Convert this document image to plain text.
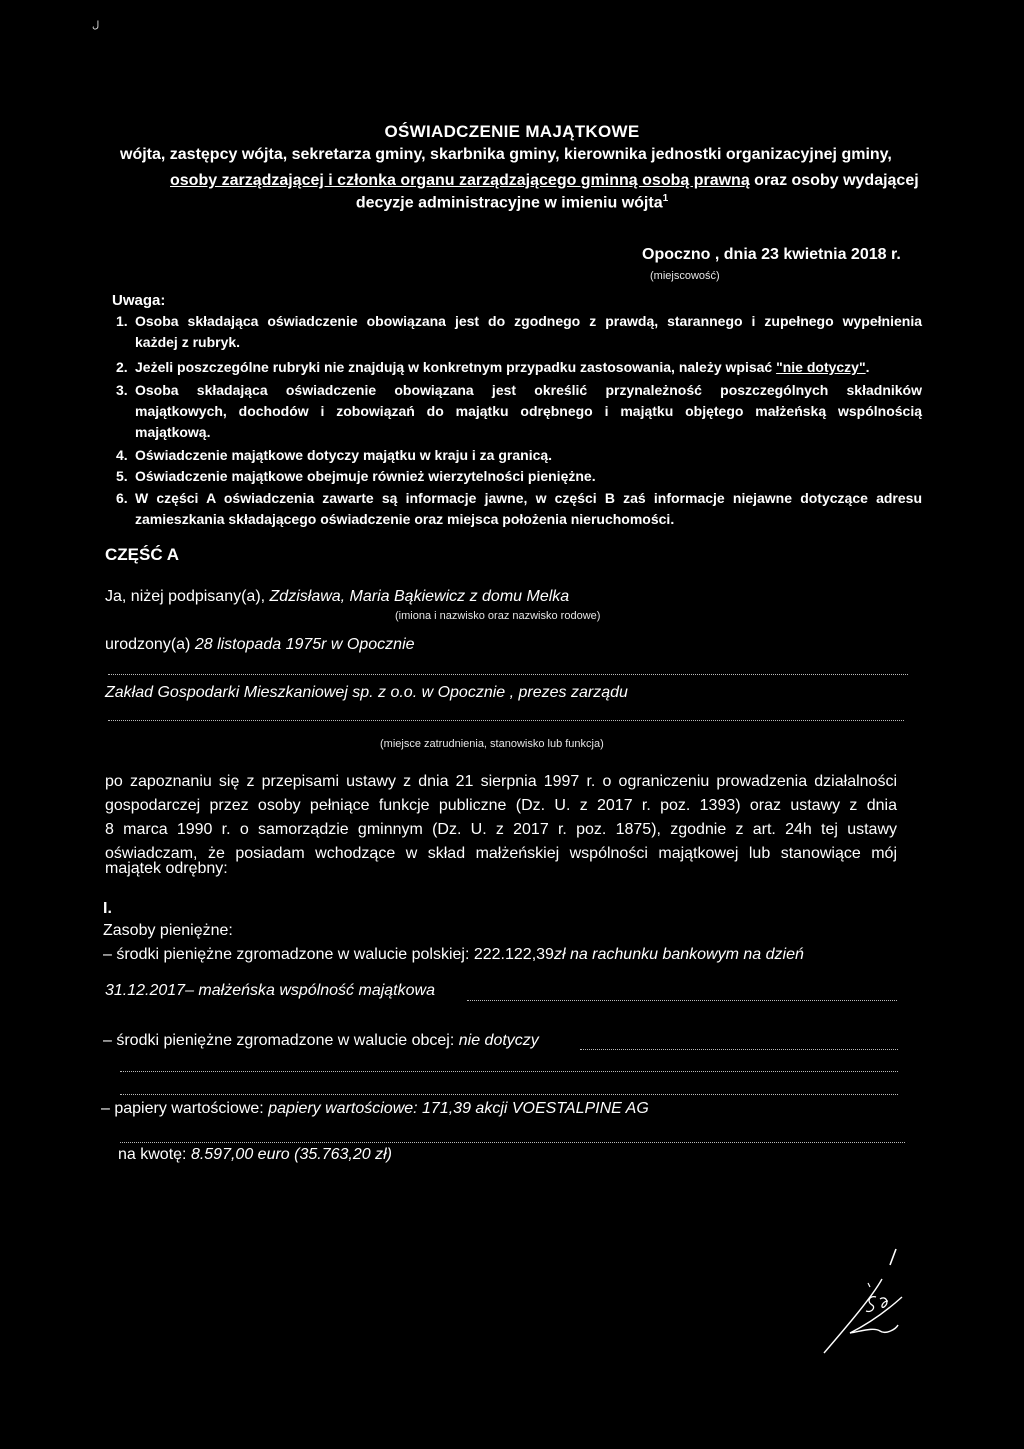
ل
OŚWIADCZENIE MAJĄTKOWE
wójta, zastępcy wójta, sekretarza gminy, skarbnika gminy, kierownika jednostki organizacyjnej gminy,
osoby zarządzającej i członka organu zarządzającego gminną osobą prawną oraz osoby wydającej
decyzje administracyjne w imieniu wójta$^1$
Opoczno , dnia 23 kwietnia 2018 r.
(miejscowość)
Uwaga:
1. Osoba składająca oświadczenie obowiązana jest do zgodnego z prawdą, starannego i zupełnego wypełnienia
każdej z rubryk.
2. Jeżeli poszczególne rubryki nie znajdują w konkretnym przypadku zastosowania, należy wpisać "nie dotyczy".
3. Osoba składająca oświadczenie obowiązana jest określić przynależność poszczególnych składników
majątkowych, dochodów i zobowiązań do majątku odrębnego i majątku objętego małżeńską wspólnością
majątkową.
4. Oświadczenie majątkowe dotyczy majątku w kraju i za granicą.
5. Oświadczenie majątkowe obejmuje również wierzytelności pieniężne.
6. W części A oświadczenia zawarte są informacje jawne, w części B zaś informacje niejawne dotyczące adresu
zamieszkania składającego oświadczenie oraz miejsca położenia nieruchomości.
CZĘŚĆ A
Ja, niżej podpisany(a), Zdzisława, Maria Bąkiewicz z domu Melka
(imiona i nazwisko oraz nazwisko rodowe)
urodzony(a) 28 listopada 1975r w Opocznie
Zakład Gospodarki Mieszkaniowej sp. z o.o. w Opocznie , prezes zarządu
(miejsce zatrudnienia, stanowisko lub funkcja)
po zapoznaniu się z przepisami ustawy z dnia 21 sierpnia 1997 r. o ograniczeniu prowadzenia działalności
gospodarczej przez osoby pełniące funkcje publiczne (Dz. U. z 2017 r. poz. 1393) oraz ustawy z dnia
8 marca 1990 r. o samorządzie gminnym (Dz. U. z 2017 r. poz. 1875), zgodnie z art. 24h tej ustawy
oświadczam, że posiadam wchodzące w skład małżeńskiej wspólności majątkowej lub stanowiące mój
majątek odrębny:
I.
Zasoby pieniężne:
– środki pieniężne zgromadzone w walucie polskiej: 222.122,39zł na rachunku bankowym na dzień
31.12.2017– małżeńska wspólność majątkowa
– środki pieniężne zgromadzone w walucie obcej: nie dotyczy
– papiery wartościowe: papiery wartościowe: 171,39 akcji VOESTALPINE AG
na kwotę: 8.597,00 euro (35.763,20 zł)
